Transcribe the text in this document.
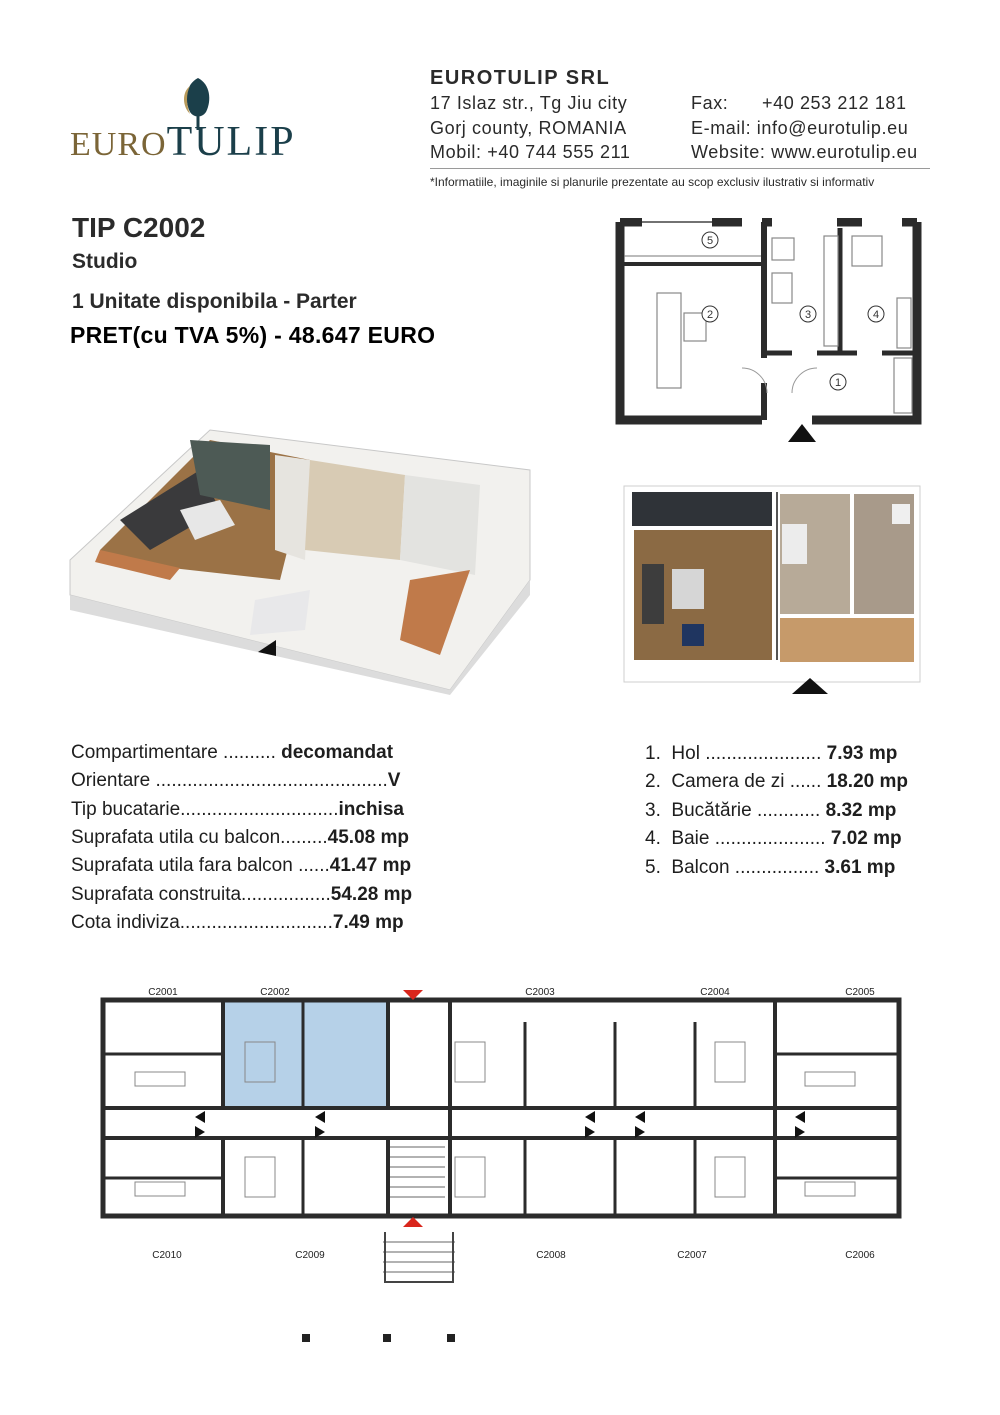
EUROTULIP
EUROTULIP SRL
17 Islaz str., Tg Jiu city
Gorj county, ROMANIA
Mobil: +40 744 555 211
Fax:      +40 253 212 181
E-mail: info@eurotulip.eu
Website: www.eurotulip.eu
*Informatiile, imaginile si planurile prezentate au scop exclusiv ilustrativ si informativ
TIP C2002
Studio
1 Unitate disponibila - Parter
PRET(cu TVA 5%) - 48.647 EURO
5
2	3	4
1
Compartimentare .......... decomandat
Orientare ............................................V
Tip bucatarie..............................inchisa
Suprafata utila cu balcon.........45.08 mp
Suprafata utila fara balcon ......41.47 mp
Suprafata construita.................54.28 mp
Cota indiviza.............................7.49 mp
1. Hol ...................... 7.93 mp
2. Camera de zi ...... 18.20 mp
3. Bucătărie ............ 8.32 mp
4. Baie ..................... 7.02 mp
5. Balcon ................ 3.61 mp
C2001	C2002	C2003	C2004	C2005
C2010	C2009	C2008	C2007	C2006
